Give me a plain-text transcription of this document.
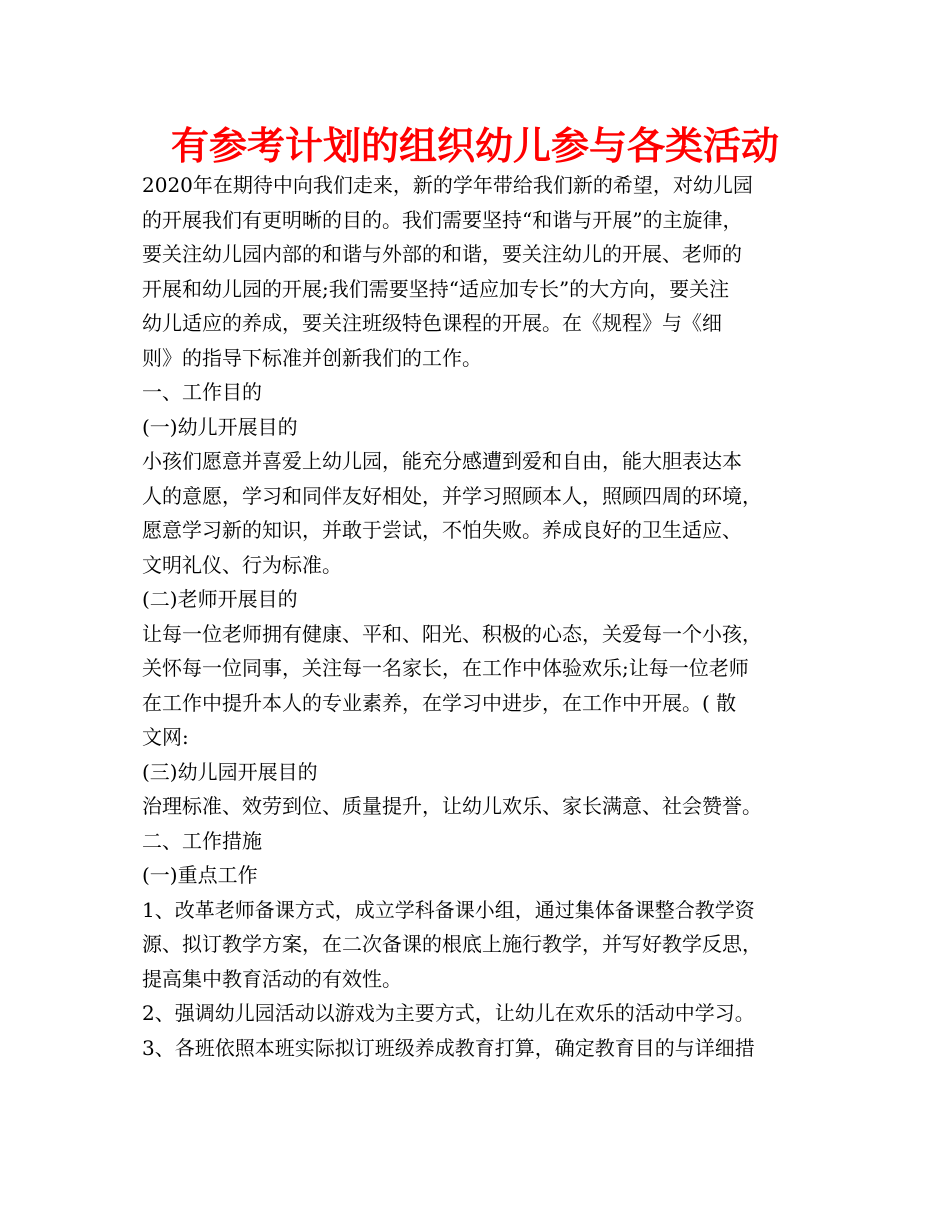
有参考计划的组织幼儿参与各类活动
2020年在期待中向我们走来，新的学年带给我们新的希望，对幼儿园
的开展我们有更明晰的目的。我们需要坚持“和谐与开展”的主旋律，
要关注幼儿园内部的和谐与外部的和谐，要关注幼儿的开展、老师的
开展和幼儿园的开展;我们需要坚持“适应加专长”的大方向，要关注
幼儿适应的养成，要关注班级特色课程的开展。在《规程》与《细
则》的指导下标准并创新我们的工作。
一、工作目的
(一)幼儿开展目的
小孩们愿意并喜爱上幼儿园，能充分感遭到爱和自由，能大胆表达本
人的意愿，学习和同伴友好相处，并学习照顾本人，照顾四周的环境，
愿意学习新的知识，并敢于尝试，不怕失败。养成良好的卫生适应、
文明礼仪、行为标准。
(二)老师开展目的
让每一位老师拥有健康、平和、阳光、积极的心态，关爱每一个小孩，
关怀每一位同事，关注每一名家长，在工作中体验欢乐;让每一位老师
在工作中提升本人的专业素养，在学习中进步，在工作中开展。( 散
文网:
(三)幼儿园开展目的
治理标准、效劳到位、质量提升，让幼儿欢乐、家长满意、社会赞誉。
二、工作措施
(一)重点工作
1、改革老师备课方式，成立学科备课小组，通过集体备课整合教学资
源、拟订教学方案，在二次备课的根底上施行教学，并写好教学反思，
提高集中教育活动的有效性。
2、强调幼儿园活动以游戏为主要方式，让幼儿在欢乐的活动中学习。
3、各班依照本班实际拟订班级养成教育打算，确定教育目的与详细措
